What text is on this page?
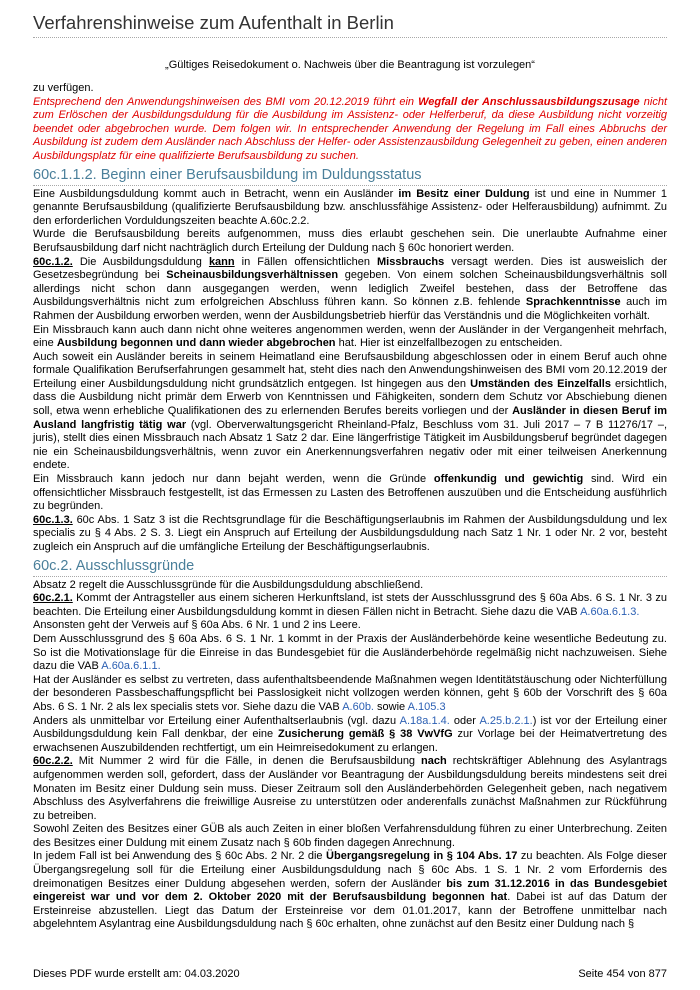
Verfahrenshinweise zum Aufenthalt in Berlin
„Gültiges Reisedokument o. Nachweis über die Beantragung ist vorzulegen“

zu verfügen.

Entsprechend den Anwendungshinweisen des BMI vom 20.12.2019 führt ein Wegfall der Anschlussausbildungszusage nicht zum Erlöschen der Ausbildungsduldung für die Ausbildung im Assistenz- oder Helferberuf, da diese Ausbildung nicht vorzeitig beendet oder abgebrochen wurde. Dem folgen wir. In entsprechender Anwendung der Regelung im Fall eines Abbruchs der Ausbildung ist zudem dem Ausländer nach Abschluss der Helfer- oder Assistenzausbildung Gelegenheit zu geben, einen anderen Ausbildungsplatz für eine qualifizierte Berufsausbildung zu suchen.

60c.1.1.2. Beginn einer Berufsausbildung im Duldungsstatus

Eine Ausbildungsduldung kommt auch in Betracht, wenn ein Ausländer im Besitz einer Duldung ist und eine in Nummer 1 genannte Berufsausbildung (qualifizierte Berufsausbildung bzw. anschlussfähige Assistenz- oder Helferausbildung) aufnimmt. Zu den erforderlichen Vorduldungszeiten beachte A.60c.2.2.

Wurde die Berufsausbildung bereits aufgenommen, muss dies erlaubt geschehen sein. Die unerlaubte Aufnahme einer Berufsausbildung darf nicht nachträglich durch Erteilung der Duldung nach § 60c honoriert werden.

60c.1.2. Die Ausbildungsduldung kann in Fällen offensichtlichen Missbrauchs versagt werden. Dies ist ausweislich der Gesetzesbegründung bei Scheinausbildungsverhältnissen gegeben. Von einem solchen Scheinausbildungsverhältnis soll allerdings nicht schon dann ausgegangen werden, wenn lediglich Zweifel bestehen, dass der Betroffene das Ausbildungsverhältnis nicht zum erfolgreichen Abschluss führen kann. So können z.B. fehlende Sprachkenntnisse auch im Rahmen der Ausbildung erworben werden, wenn der Ausbildungsbetrieb hierfür das Verständnis und die Möglichkeiten vorhält.

Ein Missbrauch kann auch dann nicht ohne weiteres angenommen werden, wenn der Ausländer in der Vergangenheit mehrfach, eine Ausbildung begonnen und dann wieder abgebrochen hat. Hier ist einzelfallbezogen zu entscheiden.

Auch soweit ein Ausländer bereits in seinem Heimatland eine Berufsausbildung abgeschlossen oder in einem Beruf auch ohne formale Qualifikation Berufserfahrungen gesammelt hat, steht dies nach den Anwendungshinweisen des BMI vom 20.12.2019 der Erteilung einer Ausbildungsduldung nicht grundsätzlich entgegen. Ist hingegen aus den Umständen des Einzelfalls ersichtlich, dass die Ausbildung nicht primär dem Erwerb von Kenntnissen und Fähigkeiten, sondern dem Schutz vor Abschiebung dienen soll, etwa wenn erhebliche Qualifikationen des zu erlernenden Berufes bereits vorliegen und der Ausländer in diesen Beruf im Ausland langfristig tätig war (vgl. Oberverwaltungsgericht Rheinland-Pfalz, Beschluss vom 31. Juli 2017 – 7 B 11276/17 –, juris), stellt dies einen Missbrauch nach Absatz 1 Satz 2 dar. Eine längerfristige Tätigkeit im Ausbildungsberuf begründet dagegen nie ein Scheinausbildungsverhältnis, wenn zuvor ein Anerkennungsverfahren negativ oder mit einer teilweisen Anerkennung endete.

Ein Missbrauch kann jedoch nur dann bejaht werden, wenn die Gründe offenkundig und gewichtig sind. Wird ein offensichtlicher Missbrauch festgestellt, ist das Ermessen zu Lasten des Betroffenen auszuüben und die Entscheidung ausführlich zu begründen.

60c.1.3. 60c Abs. 1 Satz 3 ist die Rechtsgrundlage für die Beschäftigungserlaubnis im Rahmen der Ausbildungsduldung und lex specialis zu § 4 Abs. 2 S. 3. Liegt ein Anspruch auf Erteilung der Ausbildungsduldung nach Satz 1 Nr. 1 oder Nr. 2 vor, besteht zugleich ein Anspruch auf die umfängliche Erteilung der Beschäftigungserlaubnis.

60c.2. Ausschlussgründe

Absatz 2 regelt die Ausschlussgründe für die Ausbildungsduldung abschließend.

60c.2.1. Kommt der Antragsteller aus einem sicheren Herkunftsland, ist stets der Ausschlussgrund des § 60a Abs. 6 S. 1 Nr. 3 zu beachten. Die Erteilung einer Ausbildungsduldung kommt in diesen Fällen nicht in Betracht. Siehe dazu die VAB A.60a.6.1.3.

Ansonsten geht der Verweis auf § 60a Abs. 6 Nr. 1 und 2 ins Leere.

Dem Ausschlussgrund des § 60a Abs. 6 S. 1 Nr. 1 kommt in der Praxis der Ausländerbehörde keine wesentliche Bedeutung zu. So ist die Motivationslage für die Einreise in das Bundesgebiet für die Ausländerbehörde regelmäßig nicht nachzuweisen. Siehe dazu die VAB A.60a.6.1.1.

Hat der Ausländer es selbst zu vertreten, dass aufenthaltsbeendende Maßnahmen wegen Identitätstäuschung oder Nichterfüllung der besonderen Passbeschaffungspflicht bei Passlosigkeit nicht vollzogen werden können, geht § 60b der Vorschrift des § 60a Abs. 6 S. 1 Nr. 2 als lex specialis stets vor. Siehe dazu die VAB A.60b. sowie A.105.3

Anders als unmittelbar vor Erteilung einer Aufenthaltserlaubnis (vgl. dazu A.18a.1.4. oder A.25.b.2.1.) ist vor der Erteilung einer Ausbildungsduldung kein Fall denkbar, der eine Zusicherung gemäß § 38 VwVfG zur Vorlage bei der Heimatvertretung des erwachsenen Auszubildenden rechtfertigt, um ein Heimreisedokument zu erlangen.

60c.2.2. Mit Nummer 2 wird für die Fälle, in denen die Berufsausbildung nach rechtskräftiger Ablehnung des Asylantrags aufgenommen werden soll, gefordert, dass der Ausländer vor Beantragung der Ausbildungsduldung bereits mindestens seit drei Monaten im Besitz einer Duldung sein muss. Dieser Zeitraum soll den Ausländerbehörden Gelegenheit geben, nach negativem Abschluss des Asylverfahrens die freiwillige Ausreise zu unterstützen oder anderenfalls zunächst Maßnahmen zur Rückführung zu betreiben.

Sowohl Zeiten des Besitzes einer GÜB als auch Zeiten in einer bloßen Verfahrensduldung führen zu einer Unterbrechung. Zeiten des Besitzes einer Duldung mit einem Zusatz nach § 60b finden dagegen Anrechnung.

In jedem Fall ist bei Anwendung des § 60c Abs. 2 Nr. 2 die Übergangsregelung in § 104 Abs. 17 zu beachten. Als Folge dieser Übergangsregelung soll für die Erteilung einer Ausbildungsduldung nach § 60c Abs. 1 S. 1 Nr. 2 vom Erfordernis des dreimonatigen Besitzes einer Duldung abgesehen werden, sofern der Ausländer bis zum 31.12.2016 in das Bundesgebiet eingereist war und vor dem 2. Oktober 2020 mit der Berufsausbildung begonnen hat. Dabei ist auf das Datum der Ersteinreise abzustellen. Liegt das Datum der Ersteinreise vor dem 01.01.2017, kann der Betroffene unmittelbar nach abgelehntem Asylantrag eine Ausbildungsduldung nach § 60c erhalten, ohne zunächst auf den Besitz einer Duldung nach §

Dieses PDF wurde erstellt am: 04.03.2020	Seite 454 von 877
